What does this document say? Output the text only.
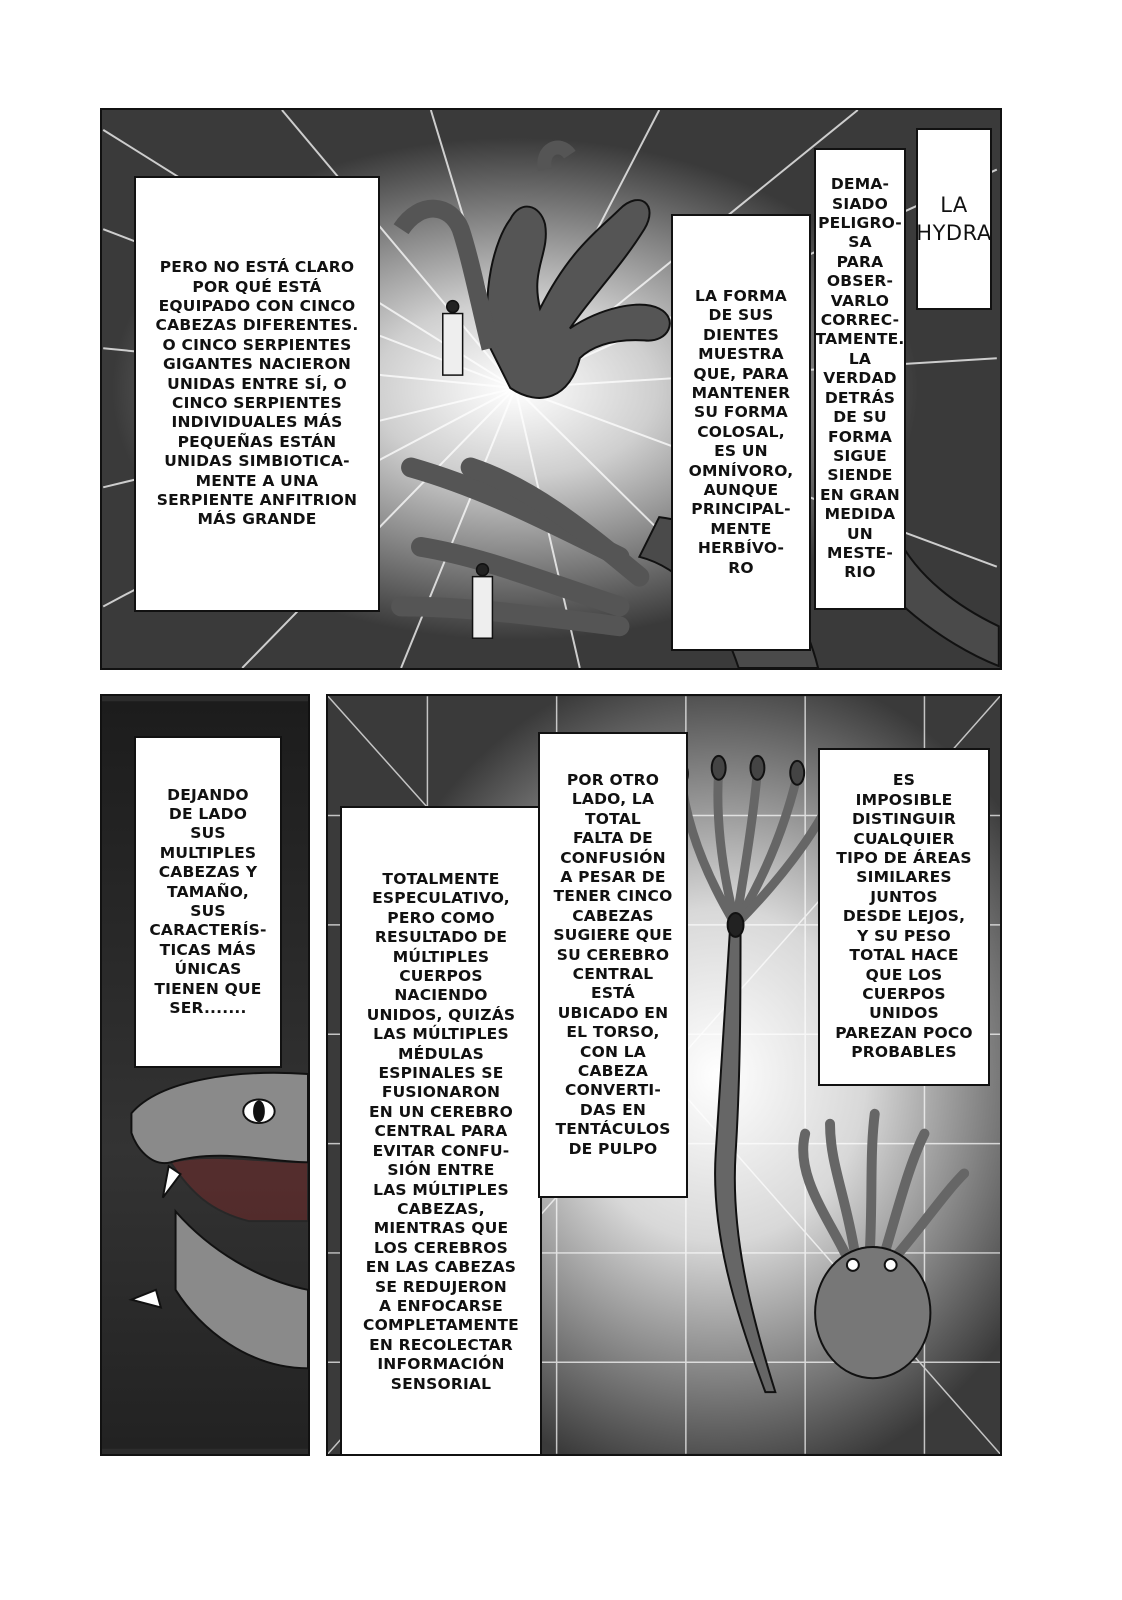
PERO NO ESTÁ CLARO
POR QUÉ ESTÁ
EQUIPADO CON CINCO
CABEZAS DIFERENTES.
O CINCO SERPIENTES
GIGANTES NACIERON
UNIDAS ENTRE SÍ, O
CINCO SERPIENTES
INDIVIDUALES MÁS
PEQUEÑAS ESTÁN
UNIDAS SIMBIOTICA-
MENTE A UNA
SERPIENTE ANFITRION
MÁS GRANDE

LA FORMA
DE SUS
DIENTES
MUESTRA
QUE, PARA
MANTENER
SU FORMA
COLOSAL,
ES UN
OMNÍVORO,
AUNQUE
PRINCIPAL-
MENTE
HERBÍVO-
RO

DEMA-
SIADO
PELIGRO-
SA
PARA
OBSER-
VARLO
CORREC-
TAMENTE.
LA
VERDAD
DETRÁS
DE SU
FORMA
SIGUE
SIENDE
EN GRAN
MEDIDA
UN
MESTE-
RIO

LA
HYDRA

DEJANDO
DE LADO
SUS
MULTIPLES
CABEZAS Y
TAMAÑO,
SUS
CARACTERÍS-
TICAS MÁS
ÚNICAS
TIENEN QUE
SER.......

TOTALMENTE
ESPECULATIVO,
PERO COMO
RESULTADO DE
MÚLTIPLES
CUERPOS
NACIENDO
UNIDOS, QUIZÁS
LAS MÚLTIPLES
MÉDULAS
ESPINALES SE
FUSIONARON
EN UN CEREBRO
CENTRAL PARA
EVITAR CONFU-
SIÓN ENTRE
LAS MÚLTIPLES
CABEZAS,
MIENTRAS QUE
LOS CEREBROS
EN LAS CABEZAS
SE REDUJERON
A ENFOCARSE
COMPLETAMENTE
EN RECOLECTAR
INFORMACIÓN
SENSORIAL

POR OTRO
LADO, LA
TOTAL
FALTA DE
CONFUSIÓN
A PESAR DE
TENER CINCO
CABEZAS
SUGIERE QUE
SU CEREBRO
CENTRAL
ESTÁ
UBICADO EN
EL TORSO,
CON LA
CABEZA
CONVERTI-
DAS EN
TENTÁCULOS
DE PULPO

ES
IMPOSIBLE
DISTINGUIR
CUALQUIER
TIPO DE ÁREAS
SIMILARES
JUNTOS
DESDE LEJOS,
Y SU PESO
TOTAL HACE
QUE LOS
CUERPOS
UNIDOS
PAREZAN POCO
PROBABLES
